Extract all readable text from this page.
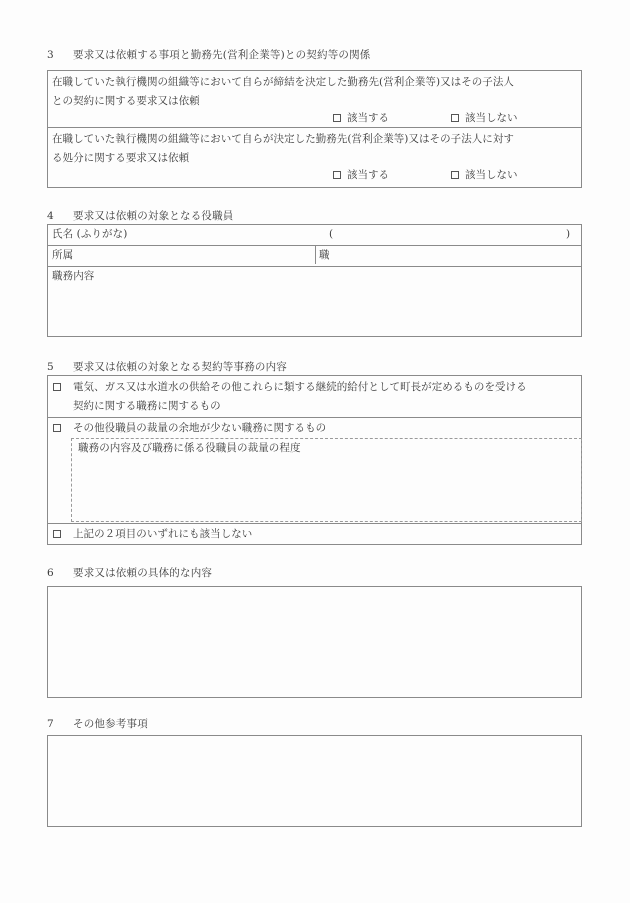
3 要求又は依頼する事項と勤務先(営利企業等)との契約等の関係
在職していた執行機関の組織等において自らが締結を決定した勤務先(営利企業等)又はその子法人
との契約に関する要求又は依頼
該当する	該当しない
在職していた執行機関の組織等において自らが決定した勤務先(営利企業等)又はその子法人に対す
る処分に関する要求又は依頼
該当する	該当しない
4 要求又は依頼の対象となる役職員
氏名 (ふりがな)	(	)
所属	職
職務内容
5 要求又は依頼の対象となる契約等事務の内容
電気、ガス又は水道水の供給その他これらに類する継続的給付として町長が定めるものを受ける
契約に関する職務に関するもの
その他役職員の裁量の余地が少ない職務に関するもの
職務の内容及び職務に係る役職員の裁量の程度
上記の２項目のいずれにも該当しない
6 要求又は依頼の具体的な内容
7 その他参考事項
